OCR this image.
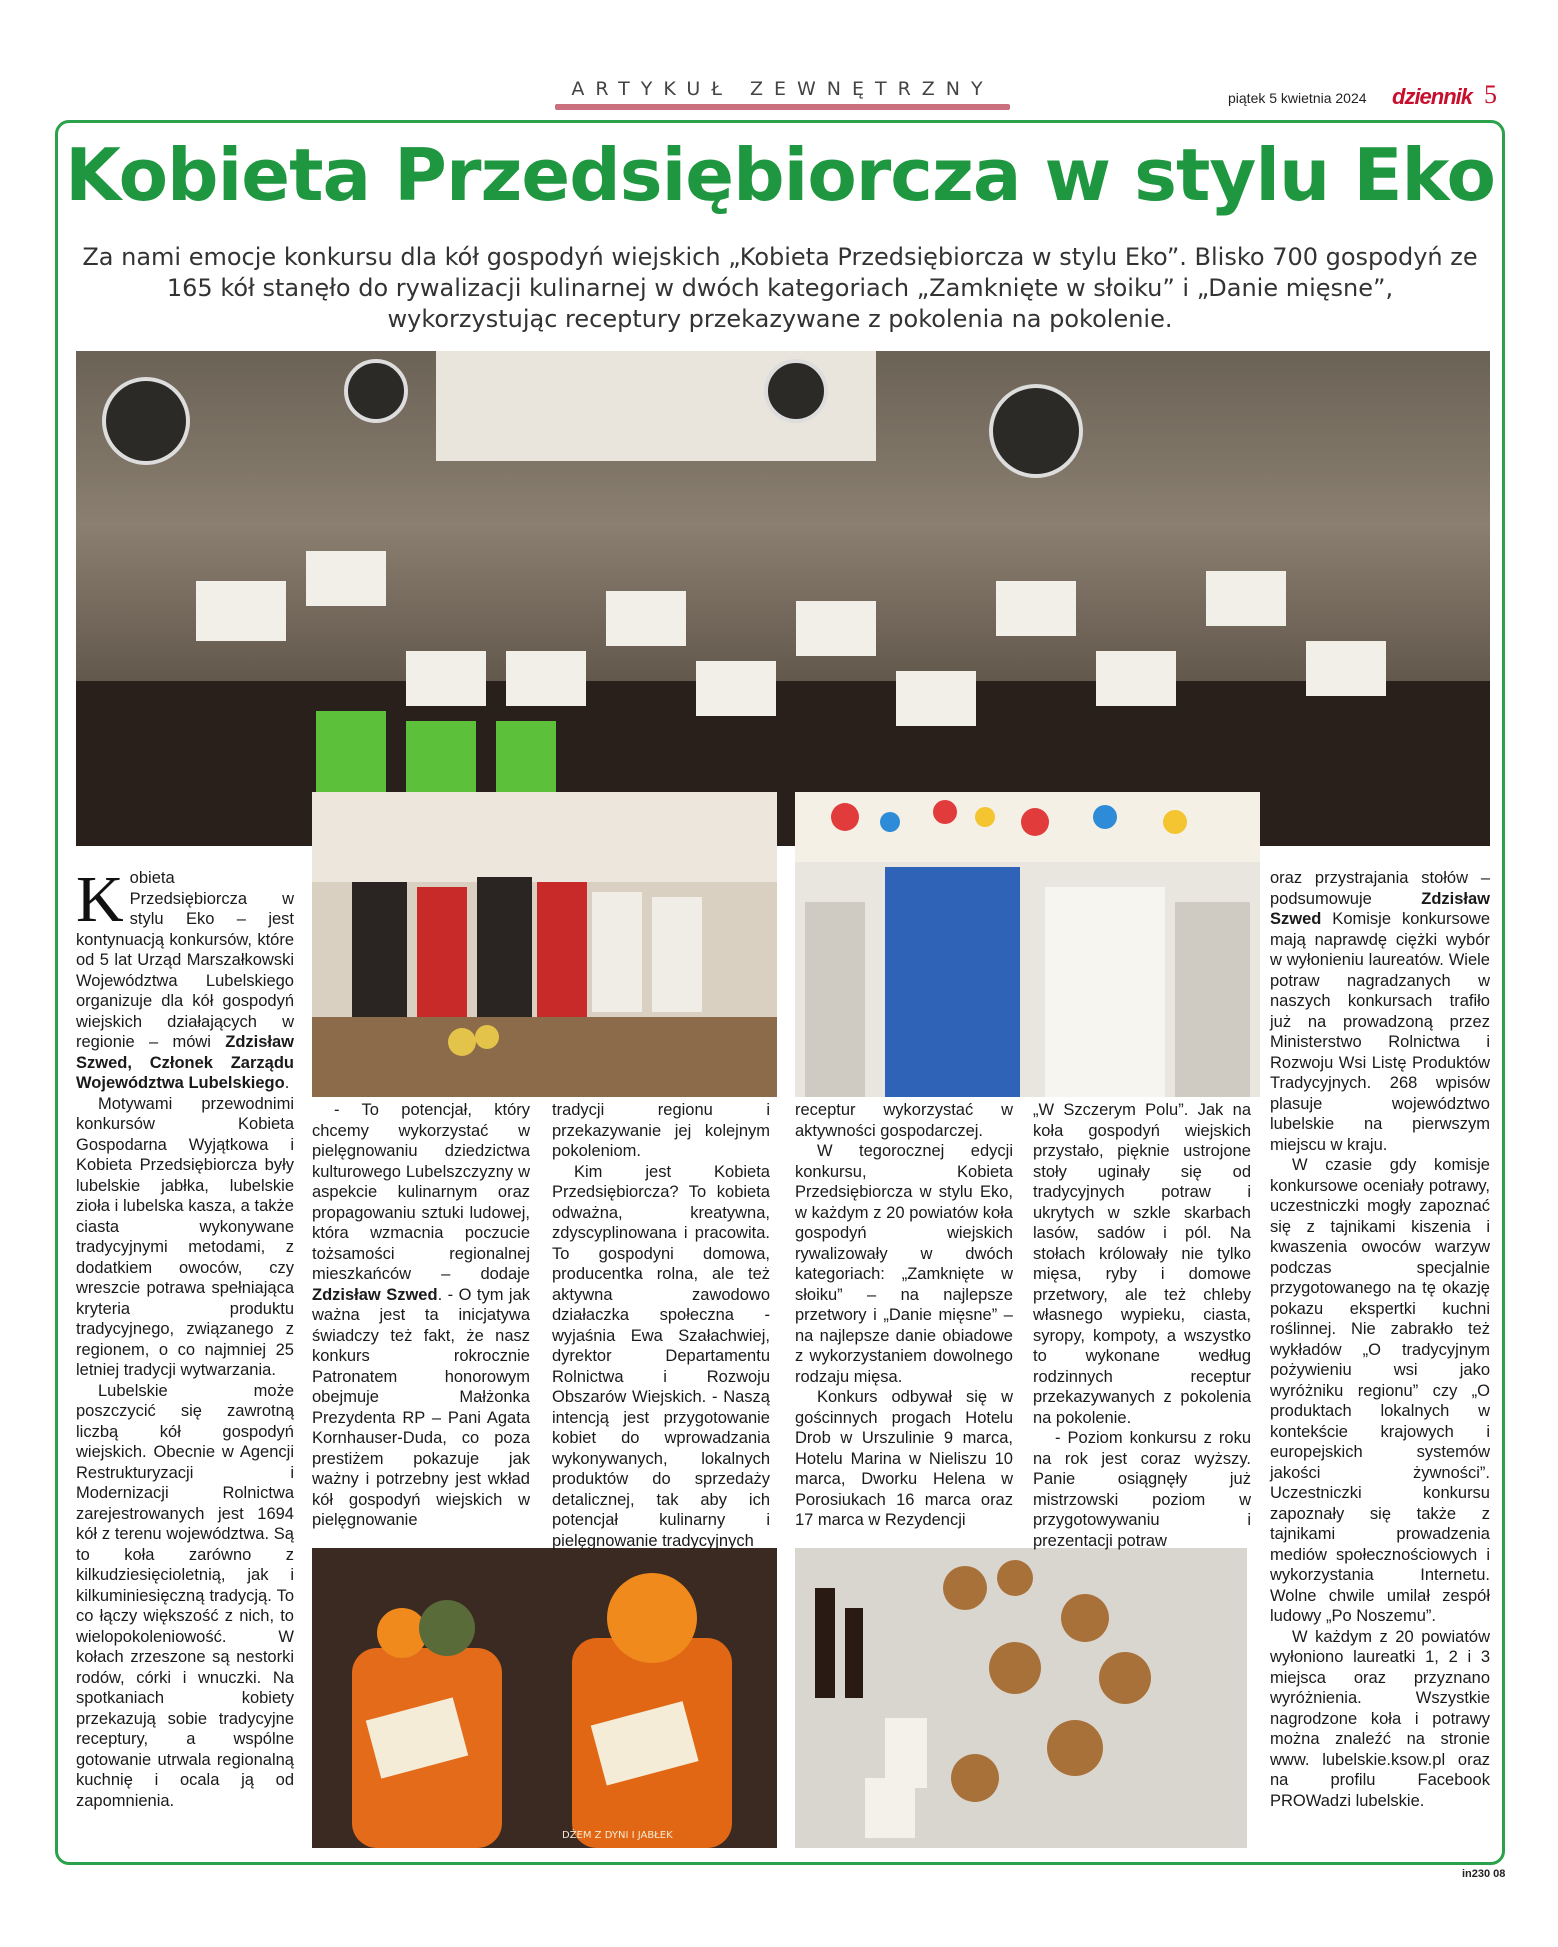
ARTYKUŁ ZEWNĘTRZNY	piątek 5 kwietnia 2024 dziennik 5
Kobieta Przedsiębiorcza w stylu Eko
Za nami emocje konkursu dla kół gospodyń wiejskich „Kobieta Przedsiębiorcza w stylu Eko”. Blisko 700 gospodyń ze 165 kół stanęło do rywalizacji kulinarnej w dwóch kategoriach „Zamknięte w słoiku” i „Danie mięsne”, wykorzystując receptury przekazywane z pokolenia na pokolenie.
DŻEM Z DYNI I JABŁEK

Kobieta Przedsiębiorcza w stylu Eko – jest kontynuacją konkursów, które od 5 lat Urząd Marszałkowski Województwa Lubelskiego organizuje dla kół gospodyń wiejskich działających w regionie – mówi Zdzisław Szwed, Członek Zarządu Województwa Lubelskiego.

Motywami przewodnimi konkursów Kobieta Gospodarna Wyjątkowa i Kobieta Przedsiębiorcza były lubelskie jabłka, lubelskie zioła i lubelska kasza, a także ciasta wykonywane tradycyjnymi metodami, z dodatkiem owoców, czy wreszcie potrawa spełniająca kryteria produktu tradycyjnego, związanego z regionem, o co najmniej 25 letniej tradycji wytwarzania.

Lubelskie może poszczycić się zawrotną liczbą kół gospodyń wiejskich. Obecnie w Agencji Restrukturyzacji i Modernizacji Rolnictwa zarejestrowanych jest 1694 kół z terenu województwa. Są to koła zarówno z kilkudziesięcioletnią, jak i kilkuminiesięczną tradycją. To co łączy większość z nich, to wielopokoleniowość. W kołach zrzeszone są nestorki rodów, córki i wnuczki. Na spotkaniach kobiety przekazują sobie tradycyjne receptury, a wspólne gotowanie utrwala regionalną kuchnię i ocala ją od zapomnienia.

- To potencjał, który chcemy wykorzystać w pielęgnowaniu dziedzictwa kulturowego Lubelszczyzny w aspekcie kulinarnym oraz propagowaniu sztuki ludowej, która wzmacnia poczucie tożsamości regionalnej mieszkańców – dodaje Zdzisław Szwed. - O tym jak ważna jest ta inicjatywa świadczy też fakt, że nasz konkurs rokrocznie Patronatem honorowym obejmuje Małżonka Prezydenta RP – Pani Agata Kornhauser-Duda, co poza prestiżem pokazuje jak ważny i potrzebny jest wkład kół gospodyń wiejskich w pielęgnowanie

tradycji regionu i przekazywanie jej kolejnym pokoleniom.

Kim jest Kobieta Przedsiębiorcza? To kobieta odważna, kreatywna, zdyscyplinowana i pracowita. To gospodyni domowa, producentka rolna, ale też aktywna zawodowo działaczka społeczna - wyjaśnia Ewa Szałachwiej, dyrektor Departamentu Rolnictwa i Rozwoju Obszarów Wiejskich. - Naszą intencją jest przygotowanie kobiet do wprowadzania wykonywanych, lokalnych produktów do sprzedaży detalicznej, tak aby ich potencjał kulinarny i pielęgnowanie tradycyjnych

receptur wykorzystać w aktywności gospodarczej.

W tegorocznej edycji konkursu, Kobieta Przedsiębiorcza w stylu Eko, w każdym z 20 powiatów koła gospodyń wiejskich rywalizowały w dwóch kategoriach: „Zamknięte w słoiku” – na najlepsze przetwory i „Danie mięsne” – na najlepsze danie obiadowe z wykorzystaniem dowolnego rodzaju mięsa.

Konkurs odbywał się w gościnnych progach Hotelu Drob w Urszulinie 9 marca, Hotelu Marina w Nieliszu 10 marca, Dworku Helena w Porosiukach 16 marca oraz 17 marca w Rezydencji

„W Szczerym Polu”. Jak na koła gospodyń wiejskich przystało, pięknie ustrojone stoły uginały się od tradycyjnych potraw i ukrytych w szkle skarbach lasów, sadów i pól. Na stołach królowały nie tylko mięsa, ryby i domowe przetwory, ale też chleby własnego wypieku, ciasta, syropy, kompoty, a wszystko to wykonane według rodzinnych receptur przekazywanych z pokolenia na pokolenie.

- Poziom konkursu z roku na rok jest coraz wyższy. Panie osiągnęły już mistrzowski poziom w przygotowywaniu i prezentacji potraw

oraz przystrajania stołów – podsumowuje Zdzisław Szwed Komisje konkursowe mają naprawdę ciężki wybór w wyłonieniu laureatów. Wiele potraw nagradzanych w naszych konkursach trafiło już na prowadzoną przez Ministerstwo Rolnictwa i Rozwoju Wsi Listę Produktów Tradycyjnych. 268 wpisów plasuje województwo lubelskie na pierwszym miejscu w kraju.

W czasie gdy komisje konkursowe oceniały potrawy, uczestniczki mogły zapoznać się z tajnikami kiszenia i kwaszenia owoców warzyw podczas specjalnie przygotowanego na tę okazję pokazu ekspertki kuchni roślinnej. Nie zabrakło też wykładów „O tradycyjnym pożywieniu wsi jako wyróżniku regionu” czy „O produktach lokalnych w kontekście krajowych i europejskich systemów jakości żywności”. Uczestniczki konkursu zapoznały się także z tajnikami prowadzenia mediów społecznościowych i wykorzystania Internetu. Wolne chwile umilał zespół ludowy „Po Noszemu”.

W każdym z 20 powiatów wyłoniono laureatki 1, 2 i 3 miejsca oraz przyznano wyróżnienia. Wszystkie nagrodzone koła i potrawy można znaleźć na stronie www. lubelskie.ksow.pl oraz na profilu Facebook PROWadzi lubelskie.

in230 08
